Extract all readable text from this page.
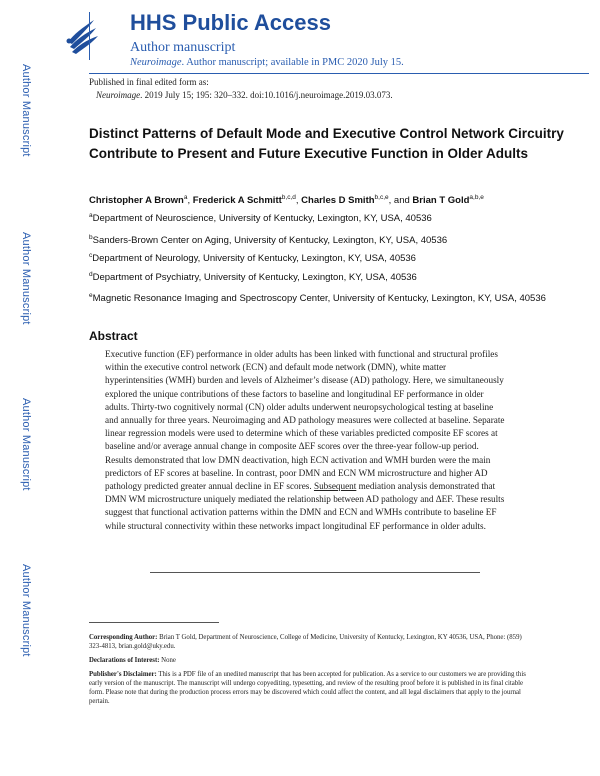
Author Manuscript
Author Manuscript
Author Manuscript
Author Manuscript
HHS Public Access
Author manuscript
Neuroimage. Author manuscript; available in PMC 2020 July 15.
Published in final edited form as:
Neuroimage. 2019 July 15; 195: 320–332. doi:10.1016/j.neuroimage.2019.03.073.
Distinct Patterns of Default Mode and Executive Control Network Circuitry Contribute to Present and Future Executive Function in Older Adults
Christopher A Brown$^a$, Frederick A Schmitt$^{b,c,d}$, Charles D Smith$^{b,c,e}$, and Brian T Gold$^{a,b,e}$
$^a$Department of Neuroscience, University of Kentucky, Lexington, KY, USA, 40536
$^b$Sanders-Brown Center on Aging, University of Kentucky, Lexington, KY, USA, 40536
$^c$Department of Neurology, University of Kentucky, Lexington, KY, USA, 40536
$^d$Department of Psychiatry, University of Kentucky, Lexington, KY, USA, 40536
$^e$Magnetic Resonance Imaging and Spectroscopy Center, University of Kentucky, Lexington, KY, USA, 40536
Abstract
Executive function (EF) performance in older adults has been linked with functional and structural profiles within the executive control network (ECN) and default mode network (DMN), white matter hyperintensities (WMH) burden and levels of Alzheimer’s disease (AD) pathology. Here, we simultaneously explored the unique contributions of these factors to baseline and longitudinal EF performance in older adults. Thirty-two cognitively normal (CN) older adults underwent neuropsychological testing at baseline and annually for three years. Neuroimaging and AD pathology measures were collected at baseline. Separate linear regression models were used to determine which of these variables predicted composite EF scores at baseline and/or average annual change in composite ΔEF scores over the three-year follow-up period. Results demonstrated that low DMN deactivation, high ECN activation and WMH burden were the main predictors of EF scores at baseline. In contrast, poor DMN and ECN WM microstructure and higher AD pathology predicted greater annual decline in EF scores. Subsequent mediation analysis demonstrated that DMN WM microstructure uniquely mediated the relationship between AD pathology and ΔEF. These results suggest that functional activation patterns within the DMN and ECN and WMHs contribute to baseline EF while structural connectivity within these networks impact longitudinal EF performance in older adults.
Corresponding Author: Brian T Gold, Department of Neuroscience, College of Medicine, University of Kentucky, Lexington, KY 40536, USA, Phone: (859) 323-4813, brian.gold@uky.edu.
Declarations of Interest: None
Publisher's Disclaimer: This is a PDF file of an unedited manuscript that has been accepted for publication. As a service to our customers we are providing this early version of the manuscript. The manuscript will undergo copyediting, typesetting, and review of the resulting proof before it is published in its final citable form. Please note that during the production process errors may be discovered which could affect the content, and all legal disclaimers that apply to the journal pertain.
